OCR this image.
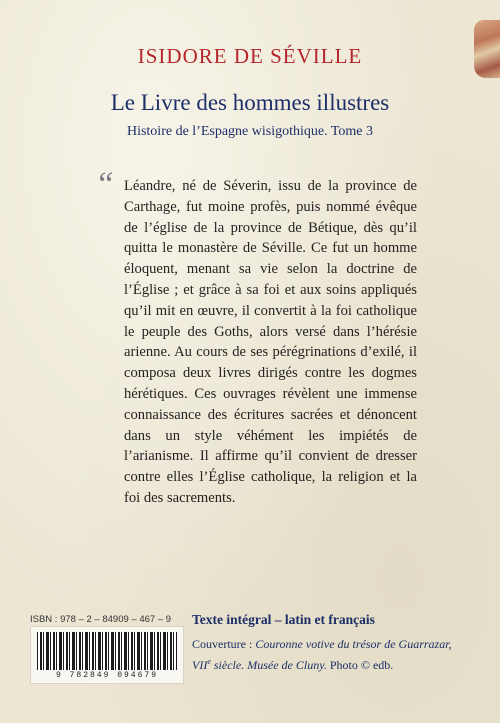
ISIDORE DE SÉVILLE
Le Livre des hommes illustres
Histoire de l’Espagne wisigothique. Tome 3
“ Léandre, né de Séverin, issu de la province de Carthage, fut moine profès, puis nommé évêque de l’église de la province de Bétique, dès qu’il quitta le monastère de Séville. Ce fut un homme éloquent, menant sa vie selon la doctrine de l’Église ; et grâce à sa foi et aux soins appliqués qu’il mit en œuvre, il convertit à la foi catholique le peuple des Goths, alors versé dans l’hérésie arienne. Au cours de ses pérégrinations d’exilé, il composa deux livres dirigés contre les dogmes hérétiques. Ces ouvrages révèlent une immense connaissance des écritures sacrées et dénoncent dans un style véhément les impiétés de l’arianisme. Il affirme qu’il convient de dresser contre elles l’Église catholique, la religion et la foi des sacrements.

ISBN : 978 – 2 – 84909 – 467 – 9
9 782849 094679
Texte intégral – latin et français
Couverture : Couronne votive du trésor de Guarrazar,
VIIe siècle. Musée de Cluny. Photo © edb.
